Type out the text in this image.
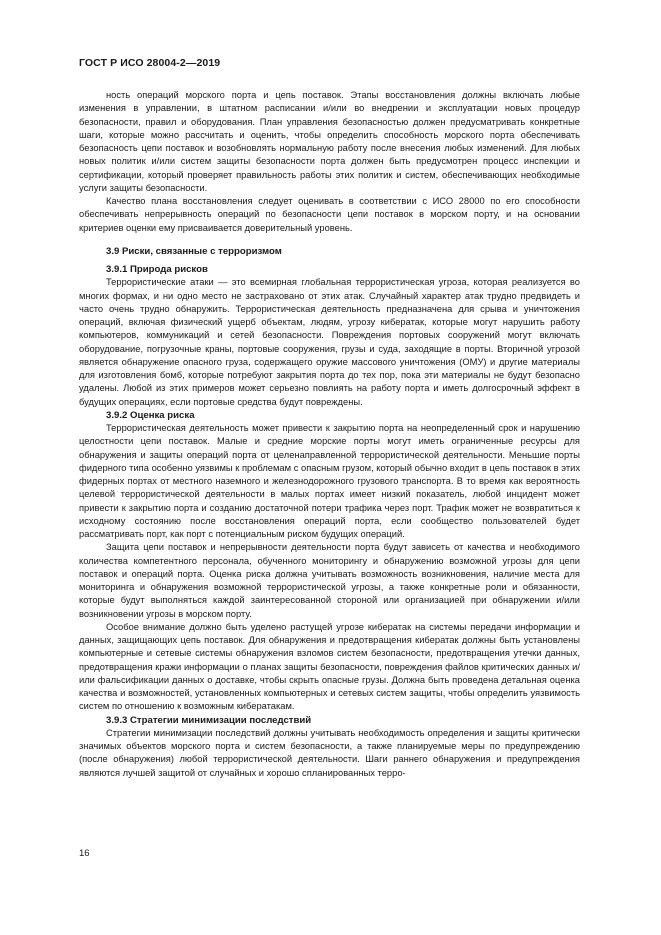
ГОСТ Р ИСО 28004-2—2019

ность операций морского порта и цепь поставок. Этапы восстановления должны включать любые изменения в управлении, в штатном расписании и/или во внедрении и эксплуатации новых процедур безопасности, правил и оборудования. План управления безопасностью должен предусматривать конкретные шаги, которые можно рассчитать и оценить, чтобы определить способность морского порта обеспечивать безопасность цепи поставок и возобновлять нормальную работу после внесения любых изменений. Для любых новых политик и/или систем защиты безопасности порта должен быть предусмотрен процесс инспекции и сертификации, который проверяет правильность работы этих политик и систем, обеспечивающих необходимые услуги защиты безопасности.

Качество плана восстановления следует оценивать в соответствии с ИСО 28000 по его способности обеспечивать непрерывность операций по безопасности цепи поставок в морском порту, и на основании критериев оценки ему присваивается доверительный уровень.

3.9 Риски, связанные с терроризмом
3.9.1 Природа рисков

Террористические атаки — это всемирная глобальная террористическая угроза, которая реализуется во многих формах, и ни одно место не застраховано от этих атак. Случайный характер атак трудно предвидеть и часто очень трудно обнаружить. Террористическая деятельность предназначена для срыва и уничтожения операций, включая физический ущерб объектам, людям, угрозу кибератак, которые могут нарушить работу компьютеров, коммуникаций и сетей безопасности. Повреждения портовых сооружений могут включать оборудование, погрузочные краны, портовые сооружения, грузы и суда, заходящие в порты. Вторичной угрозой является обнаружение опасного груза, содержащего оружие массового уничтожения (ОМУ) и другие материалы для изготовления бомб, которые потребуют закрытия порта до тех пор, пока эти материалы не будут безопасно удалены. Любой из этих примеров может серьезно повлиять на работу порта и иметь долгосрочный эффект в будущих операциях, если портовые средства будут повреждены.

3.9.2 Оценка риска

Террористическая деятельность может привести к закрытию порта на неопределенный срок и нарушению целостности цепи поставок. Малые и средние морские порты могут иметь ограниченные ресурсы для обнаружения и защиты операций порта от целенаправленной террористической деятельности. Меньшие порты фидерного типа особенно уязвимы к проблемам с опасным грузом, который обычно входит в цепь поставок в этих фидерных портах от местного наземного и железнодорожного грузового транспорта. В то время как вероятность целевой террористической деятельности в малых портах имеет низкий показатель, любой инцидент может привести к закрытию порта и созданию достаточной потери трафика через порт. Трафик может не возвратиться к исходному состоянию после восстановления операций порта, если сообщество пользователей будет рассматривать порт, как порт с потенциальным риском будущих операций.

Защита цепи поставок и непрерывности деятельности порта будут зависеть от качества и необходимого количества компетентного персонала, обученного мониторингу и обнаружению возможной угрозы для цепи поставок и операций порта. Оценка риска должна учитывать возможность возникновения, наличие места для мониторинга и обнаружения возможной террористической угрозы, а также конкретные роли и обязанности, которые будут выполняться каждой заинтересованной стороной или организацией при обнаружении и/или возникновении угрозы в морском порту.

Особое внимание должно быть уделено растущей угрозе кибератак на системы передачи информации и данных, защищающих цепь поставок. Для обнаружения и предотвращения кибератак должны быть установлены компьютерные и сетевые системы обнаружения взломов систем безопасности, предотвращения утечки данных, предотвращения кражи информации о планах защиты безопасности, повреждения файлов критических данных и/или фальсификации данных о доставке, чтобы скрыть опасные грузы. Должна быть проведена детальная оценка качества и возможностей, установленных компьютерных и сетевых систем защиты, чтобы определить уязвимость систем по отношению к возможным кибератакам.

3.9.3 Стратегии минимизации последствий

Стратегии минимизации последствий должны учитывать необходимость определения и защиты критически значимых объектов морского порта и систем безопасности, а также планируемые меры по предупреждению (после обнаружения) любой террористической деятельности. Шаги раннего обнаружения и предупреждения являются лучшей защитой от случайных и хорошо спланированных терро-

16
